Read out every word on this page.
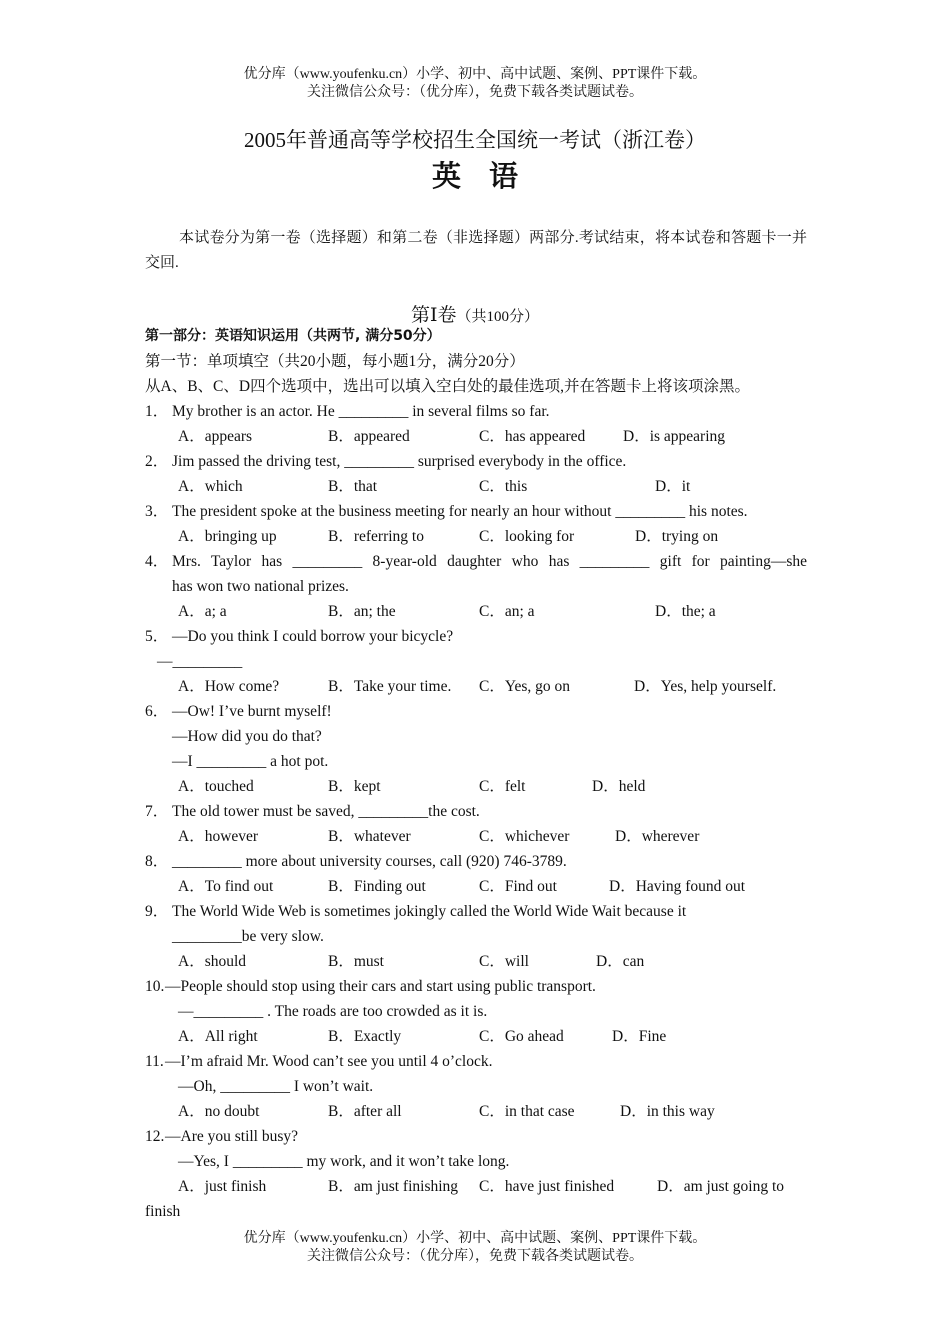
优分库（www.youfenku.cn）小学、初中、高中试题、案例、PPT课件下载。
关注微信公众号：（优分库），免费下载各类试题试卷。
2005年普通高等学校招生全国统一考试（浙江卷）
英语
本试卷分为第一卷（选择题）和第二卷（非选择题）两部分.考试结束，将本试卷和答题卡一并交回.
第Ⅰ卷（共100分）
第一部分：英语知识运用（共两节, 满分50分）
第一节：单项填空（共20小题，每小题1分，满分20分）
从A、B、C、D四个选项中，选出可以填入空白处的最佳选项,并在答题卡上将该项涂黑。
1． My brother is an actor. He _________ in several films so far.
A．appears	B．appeared	C．has appeared D．is appearing
2． Jim passed the driving test, _________ surprised everybody in the office.
A．which	B．that	C．this	D．it
3． The president spoke at the business meeting for nearly an hour without _________ his notes.
A．bringing up	B．referring to	C．looking for	D．trying on
4． Mrs. Taylor has _________ 8-year-old daughter who has _________ gift for painting—she
has won two national prizes.
A．a; a	B．an; the	C．an; a	D．the; a
5． —Do you think I could borrow your bicycle?
—_________
A．How come?	B．Take your time. C．Yes, go on	D．Yes, help yourself.
6． —Ow! I’ve burnt myself!
—How did you do that?
—I _________ a hot pot.
A．touched	B．kept	C．felt	D．held
7． The old tower must be saved, _________the cost.
A．however	B．whatever	C．whichever	D．wherever
8． _________ more about university courses, call (920) 746-3789.
A．To find out	B．Finding out	C．Find out	D．Having found out
9． The World Wide Web is sometimes jokingly called the World Wide Wait because it
_________be very slow.
A．should	B．must	C．will	D．can
10. —People should stop using their cars and start using public transport.
—_________ . The roads are too crowded as it is.
A．All right	B．Exactly	C．Go ahead	D．Fine
11. —I’m afraid Mr. Wood can’t see you until 4 o’clock.
—Oh, _________ I won’t wait.
A．no doubt	B．after all	C．in that case	D．in this way
12. —Are you still busy?
—Yes, I _________ my work, and it won’t take long.
A．just finish	B．am just finishing C．have just finished	D．am just going to
finish
优分库（www.youfenku.cn）小学、初中、高中试题、案例、PPT课件下载。
关注微信公众号：（优分库），免费下载各类试题试卷。
